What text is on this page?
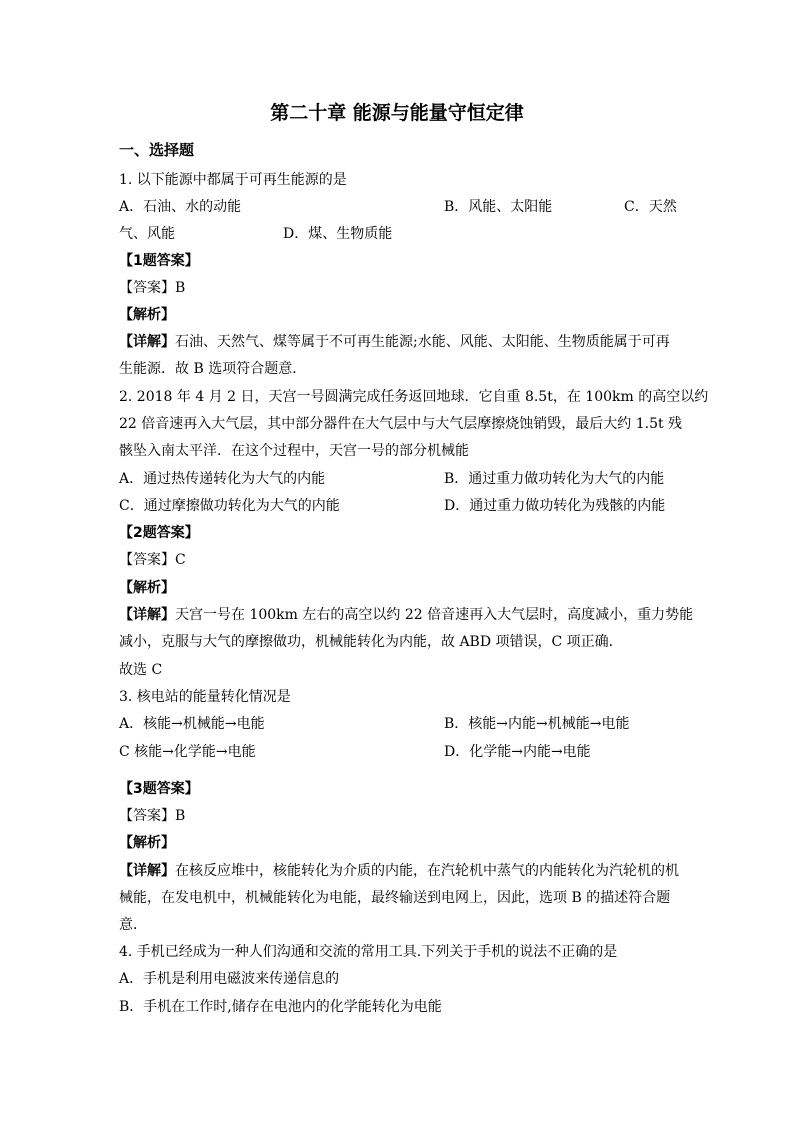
第二十章 能源与能量守恒定律
一、选择题
1. 以下能源中都属于可再生能源的是
A．石油、水的动能	B．风能、太阳能	C．天然
气、风能	D．煤、生物质能
【1题答案】
【答案】B
【解析】
【详解】石油、天然气、煤等属于不可再生能源;水能、风能、太阳能、生物质能属于可再
生能源．故 B 选项符合题意．
2. 2018 年 4 月 2 日，天宫一号圆满完成任务返回地球．它自重 8.5t，在 100km 的高空以约
22 倍音速再入大气层，其中部分器件在大气层中与大气层摩擦烧蚀销毁，最后大约 1.5t 残
骸坠入南太平洋．在这个过程中，天宫一号的部分机械能
A．通过热传递转化为大气的内能	B．通过重力做功转化为大气的内能
C．通过摩擦做功转化为大气的内能	D．通过重力做功转化为残骸的内能
【2题答案】
【答案】C
【解析】
【详解】天宫一号在 100km 左右的高空以约 22 倍音速再入大气层时，高度减小，重力势能
减小，克服与大气的摩擦做功，机械能转化为内能，故 ABD 项错误，C 项正确．
故选 C
3. 核电站的能量转化情况是
A．核能→机械能→电能	B．核能→内能→机械能→电能
C 核能→化学能→电能	D．化学能→内能→电能
【3题答案】
【答案】B
【解析】
【详解】在核反应堆中，核能转化为介质的内能，在汽轮机中蒸气的内能转化为汽轮机的机
械能，在发电机中，机械能转化为电能，最终输送到电网上，因此，选项 B 的描述符合题
意．
4. 手机已经成为一种人们沟通和交流的常用工具.下列关于手机的说法不正确的是
A．手机是利用电磁波来传递信息的
B．手机在工作时,储存在电池内的化学能转化为电能
